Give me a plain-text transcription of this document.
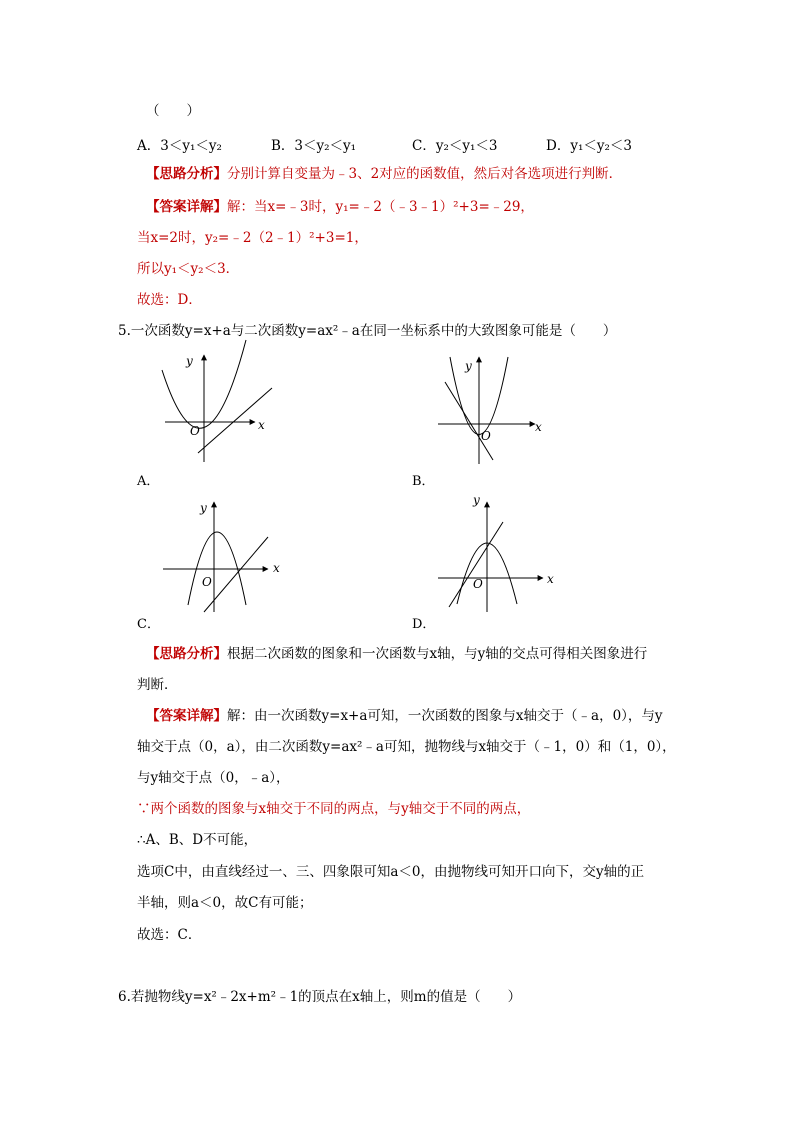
（　　）
A．3＜y₁＜y₂	B．3＜y₂＜y₁	C．y₂＜y₁＜3	D．y₁＜y₂＜3
【思路分析】分别计算自变量为﹣3、2对应的函数值，然后对各选项进行判断．
【答案详解】解：当x=﹣3时，y₁=﹣2（﹣3﹣1）²+3=﹣29，
当x=2时，y₂=﹣2（2﹣1）²+3=1，
所以y₁＜y₂＜3．
故选：D．
5.一次函数y=x+a与二次函数y=ax²﹣a在同一坐标系中的大致图象可能是（　　）
x
y
O
A．
x
y
O
B．
x
y
O
C．
x
y
O
D．
【思路分析】根据二次函数的图象和一次函数与x轴，与y轴的交点可得相关图象进行
判断．
【答案详解】解：由一次函数y=x+a可知，一次函数的图象与x轴交于（﹣a，0），与y
轴交于点（0，a），由二次函数y=ax²﹣a可知，抛物线与x轴交于（﹣1，0）和（1，0），
与y轴交于点（0，﹣a），
∵两个函数的图象与x轴交于不同的两点，与y轴交于不同的两点，
∴A、B、D不可能，
选项C中，由直线经过一、三、四象限可知a＜0，由抛物线可知开口向下，交y轴的正
半轴，则a＜0，故C有可能；
故选：C．
6.若抛物线y=x²﹣2x+m²﹣1的顶点在x轴上，则m的值是（　　）
